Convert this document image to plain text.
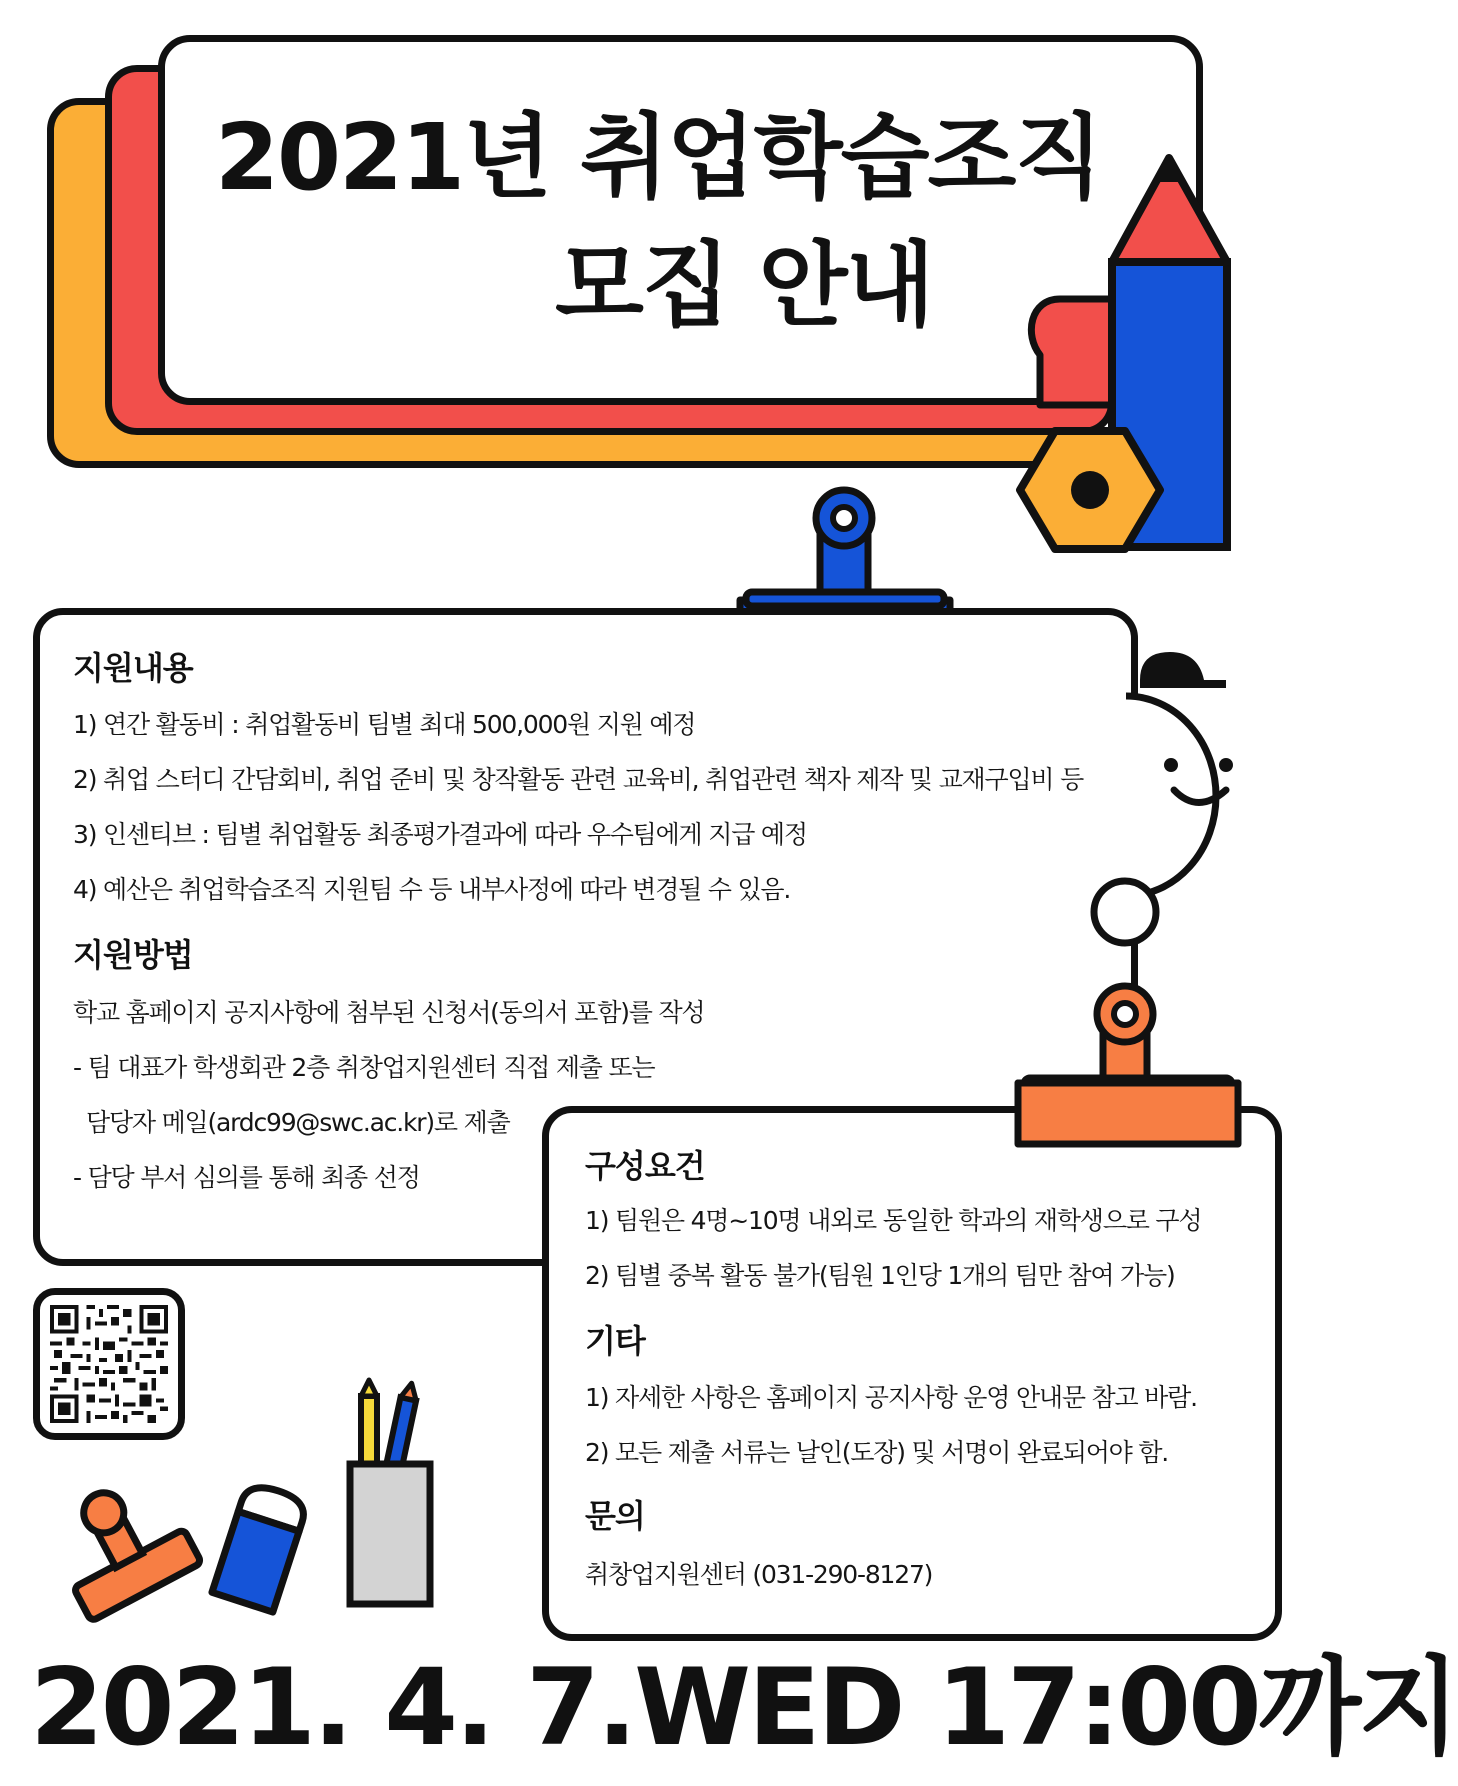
2021년 취업학습조직
모집 안내
지원내용
1) 연간 활동비 : 취업활동비 팀별 최대 500,000원 지원 예정
2) 취업 스터디 간담회비, 취업 준비 및 창작활동 관련 교육비, 취업관련 책자 제작 및 교재구입비 등
3) 인센티브 : 팀별 취업활동 최종평가결과에 따라 우수팀에게 지급 예정
4) 예산은 취업학습조직 지원팀 수 등 내부사정에 따라 변경될 수 있음.
지원방법
학교 홈페이지 공지사항에 첨부된 신청서(동의서 포함)를 작성
- 팀 대표가 학생회관 2층 취창업지원센터 직접 제출 또는
담당자 메일(ardc99@swc.ac.kr)로 제출
- 담당 부서 심의를 통해 최종 선정	구성요건
1) 팀원은 4명~10명 내외로 동일한 학과의 재학생으로 구성
2) 팀별 중복 활동 불가(팀원 1인당 1개의 팀만 참여 가능)
기타
1) 자세한 사항은 홈페이지 공지사항 운영 안내문 참고 바람.
2) 모든 제출 서류는 날인(도장) 및 서명이 완료되어야 함.
문의
취창업지원센터 (031-290-8127)
2021. 4. 7.WED 17:00까지
